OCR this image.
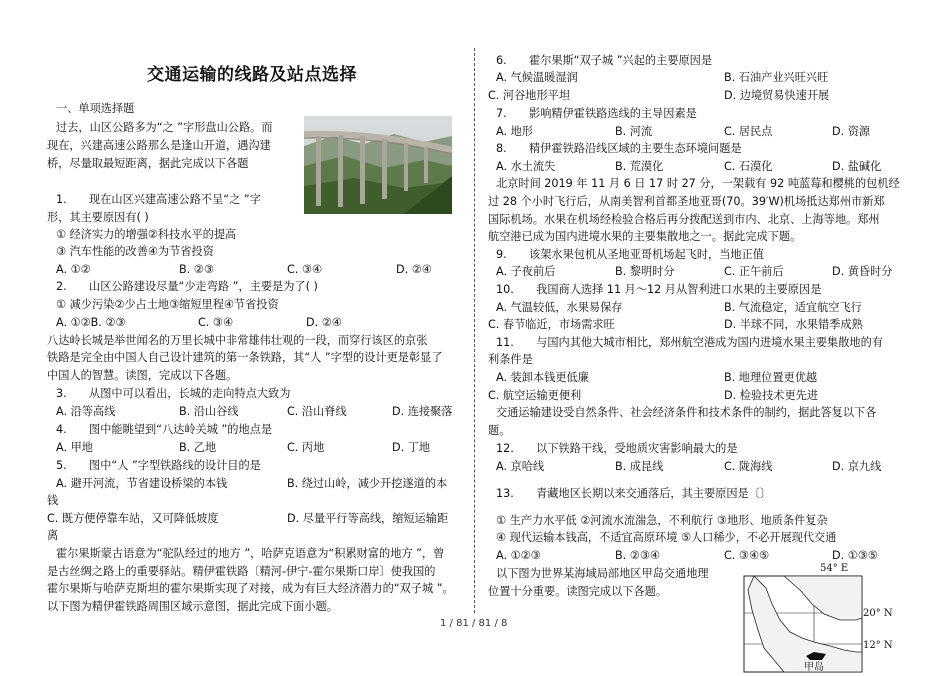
交通运输的线路及站点选择
一、单项选择题
过去，山区公路多为“之 ”字形盘山公路。而
现在，兴建高速公路那么是逢山开道，遇沟建
桥，尽量取最短距离，据此完成以下各题
1.　　现在山区兴建高速公路不呈“之 ”字
形，其主要原因有( )
① 经济实力的增强②科技水平的提高
③ 汽车性能的改善④为节省投资
A. ①②	B. ②③	C. ③④	D. ②④
2.　　山区公路建设尽量“少走弯路 ”，主要是为了( )
① 减少污染②少占土地③缩短里程④节省投资
A. ①②B. ②③	C. ③④	D. ②④
八达岭长城是举世闻名的万里长城中非常雄伟壮观的一段，而穿行该区的京张
铁路是完全由中国人自己设计建筑的第一条铁路，其“人 ”字型的设计更是彰显了
中国人的智慧。读图，完成以下各题。
3.　　从图中可以看出，长城的走向特点大致为
A. 沿等高线	B. 沿山谷线	C. 沿山脊线	D. 连接聚落
4.　　图中能眺望到“八达岭关城 ”的地点是
A. 甲地	B. 乙地	C. 丙地	D. 丁地
5.　　图中“人 ”字型铁路线的设计目的是
A. 避开河流，节省建设桥梁的本钱	B. 绕过山岭，减少开挖遂道的本
钱
C. 既方便停靠车站，又可降低坡度	D. 尽量平行等高线，缩短运输距
离
霍尔果斯蒙古语意为“驼队经过的地方 ”，哈萨克语意为“积累财富的地方 ”，曾
是古丝绸之路上的重要驿站。精伊霍铁路〔精河-伊宁-霍尔果斯口岸〕使我国的
霍尔果斯与哈萨克斯坦的霍尔果斯实现了对接，成为有巨大经济潜力的“双子城 ”。
以下图为精伊霍铁路周围区域示意图，据此完成下面小题。
6.　　霍尔果斯“双子城 ”兴起的主要原因是
A. 气候温暖湿润	B. 石油产业兴旺兴旺
C. 河谷地形平坦	D. 边境贸易快速开展
7.　　影响精伊霍铁路选线的主导因素是
A. 地形	B. 河流	C. 居民点	D. 资源
8.　　精伊霍铁路沿线区域的主要生态环境问题是
A. 水土流失	B. 荒漠化	C. 石漠化	D. 盐碱化
北京时间 2019 年 11 月 6 日 17 时 27 分，一架载有 92 吨蓝莓和樱桃的包机经
过 28 个小时飞行后，从南美智利首都圣地亚哥(70。39′W)机场抵达郑州市新郑
国际机场。水果在机场经检验合格后再分拨配送到市内、北京、上海等地。郑州
航空港已成为国内进境水果的主要集散地之一。据此完成下题。
9.　　该架水果包机从圣地亚哥机场起飞时，当地正值
A. 子夜前后	B. 黎明时分	C. 正午前后	D. 黄昏时分
10.　　我国商人选择 11 月～12 月从智利进口水果的主要原因是
A. 气温较低，水果易保存	B. 气流稳定，适宜航空飞行
C. 春节临近，市场需求旺	D. 半球不同，水果错季成熟
11.　　与国内其他大城市相比，郑州航空港成为国内进境水果主要集散地的有
利条件是
A. 装卸本钱更低廉	B. 地理位置更优越
C. 航空运输更便利	D. 检验技术更先进
交通运输建设受自然条件、社会经济条件和技术条件的制约，据此答复以下各
题。
12.　　以下铁路干线，受地质灾害影响最大的是
A. 京哈线	B. 成昆线	C. 陇海线	D. 京九线
13.　　青藏地区长期以来交通落后，其主要原因是〔〕
① 生产力水平低 ②河流水流湍急，不利航行 ③地形、地质条件复杂
④ 现代运输本钱高，不适宜高原环境 ⑤人口稀少，不必开展现代交通
A. ①②③	B. ②③④	C. ③④⑤	D. ①③⑤
以下图为世界某海域局部地区甲岛交通地理
位置十分重要。读图完成以下各题。
54° E
20° N
12° N
甲岛
1 / 81 / 81 / 8
